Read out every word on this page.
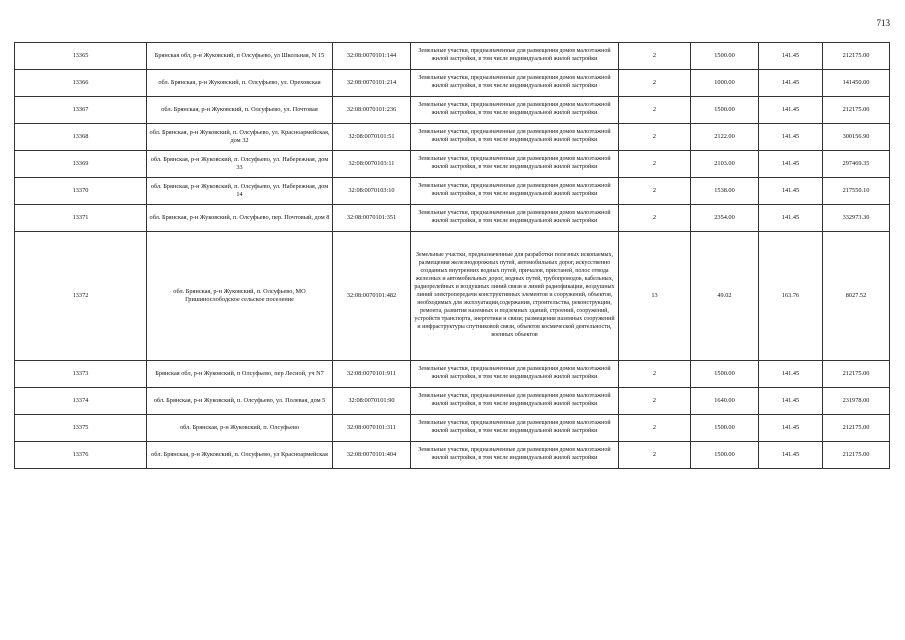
713
13365	Брянская обл, р-н Жуковский, п Олсуфьево, ул Школьная, N 15	32:08:0070101:144	Земельные участки, предназначенные для размещения домов малоэтажной жилой застройки, в том числе индивидуальной жилой застройки	2	1500.00	141.45	212175.00
13366	обл. Брянская, р-н Жуковский, п. Олсуфьево, ул. Ореховская	32:08:0070101:214	Земельные участки, предназначенные для размещения домов малоэтажной жилой застройки, в том числе индивидуальной жилой застройки	2	1000.00	141.45	141450.00
13367	обл. Брянская, р-н Жуковский, п. Олсуфьево, ул. Почтовая	32:08:0070101:236	Земельные участки, предназначенные для размещения домов малоэтажной жилой застройки, в том числе индивидуальной жилой застройки	2	1500.00	141.45	212175.00
13368	обл. Брянская, р-н Жуковский, п. Олсуфьево, ул. Красноармейская, дом 32	32:08:0070101:51	Земельные участки, предназначенные для размещения домов малоэтажной жилой застройки, в том числе индивидуальной жилой застройки	2	2122.00	141.45	300156.90
13369	обл. Брянская, р-н Жуковский, п. Олсуфьево, ул. Набережная, дом 33	32:08:0070103:11	Земельные участки, предназначенные для размещения домов малоэтажной жилой застройки, в том числе индивидуальной жилой застройки	2	2103.00	141.45	297469.35
13370	обл. Брянская, р-н Жуковский, п. Олсуфьево, ул. Набережная, дом 14	32:08:0070103:10	Земельные участки, предназначенные для размещения домов малоэтажной жилой застройки, в том числе индивидуальной жилой застройки	2	1538.00	141.45	217550.10
13371	обл. Брянская, р-н Жуковский, п. Олсуфьево, пер. Почтовый, дом 8	32:08:0070101:351	Земельные участки, предназначенные для размещения домов малоэтажной жилой застройки, в том числе индивидуальной жилой застройки	2	2354.00	141.45	332973.30
13372	обл. Брянская, р-н Жуковский, п. Олсуфьево, МО Гришинослободское сельское поселение	32:08:0070101:482	Земельные участки, предназначенные для разработки полезных ископаемых, размещения железнодорожных путей, автомобильных дорог, искусственно созданных внутренних водных путей, причалов, пристаней, полос отвода железных и автомобильных дорог, водных путей, трубопроводов, кабельных, радиорелейных и воздушных линий связи и линий радиофикации, воздушных линий электропередачи конструктивных элементов и сооружений, объектов, необходимых для эксплуатации,содержания, строительства, реконструкции, ремонта, развития наземных и подземных зданий, строений, сооружений, устройств транспорта, энергетики и связи; размещения наземных сооружений и инфраструктуры спутниковой связи, объектов космической деятельности, военных объектов	13	49.02	163.76	8027.52
13373	Брянская обл, р-н Жуковский, п Олсуфьево, пер Лесной, уч N7	32:08:0070101:911	Земельные участки, предназначенные для размещения домов малоэтажной жилой застройки, в том числе индивидуальной жилой застройки	2	1500.00	141.45	212175.00
13374	обл. Брянская, р-н Жуковский, п. Олсуфьево, ул. Полевая, дом 5	32:08:0070101:90	Земельные участки, предназначенные для размещения домов малоэтажной жилой застройки, в том числе индивидуальной жилой застройки	2	1640.00	141.45	231978.00
13375	обл. Брянская, р-н Жуковский, п. Олсуфьево	32:08:0070101:311	Земельные участки, предназначенные для размещения домов малоэтажной жилой застройки, в том числе индивидуальной жилой застройки	2	1500.00	141.45	212175.00
13376	обл. Брянская, р-н Жуковский, п. Олсуфьево, ул Красноармейская	32:08:0070101:404	Земельные участки, предназначенные для размещения домов малоэтажной жилой застройки, в том числе индивидуальной жилой застройки	2	1500.00	141.45	212175.00
